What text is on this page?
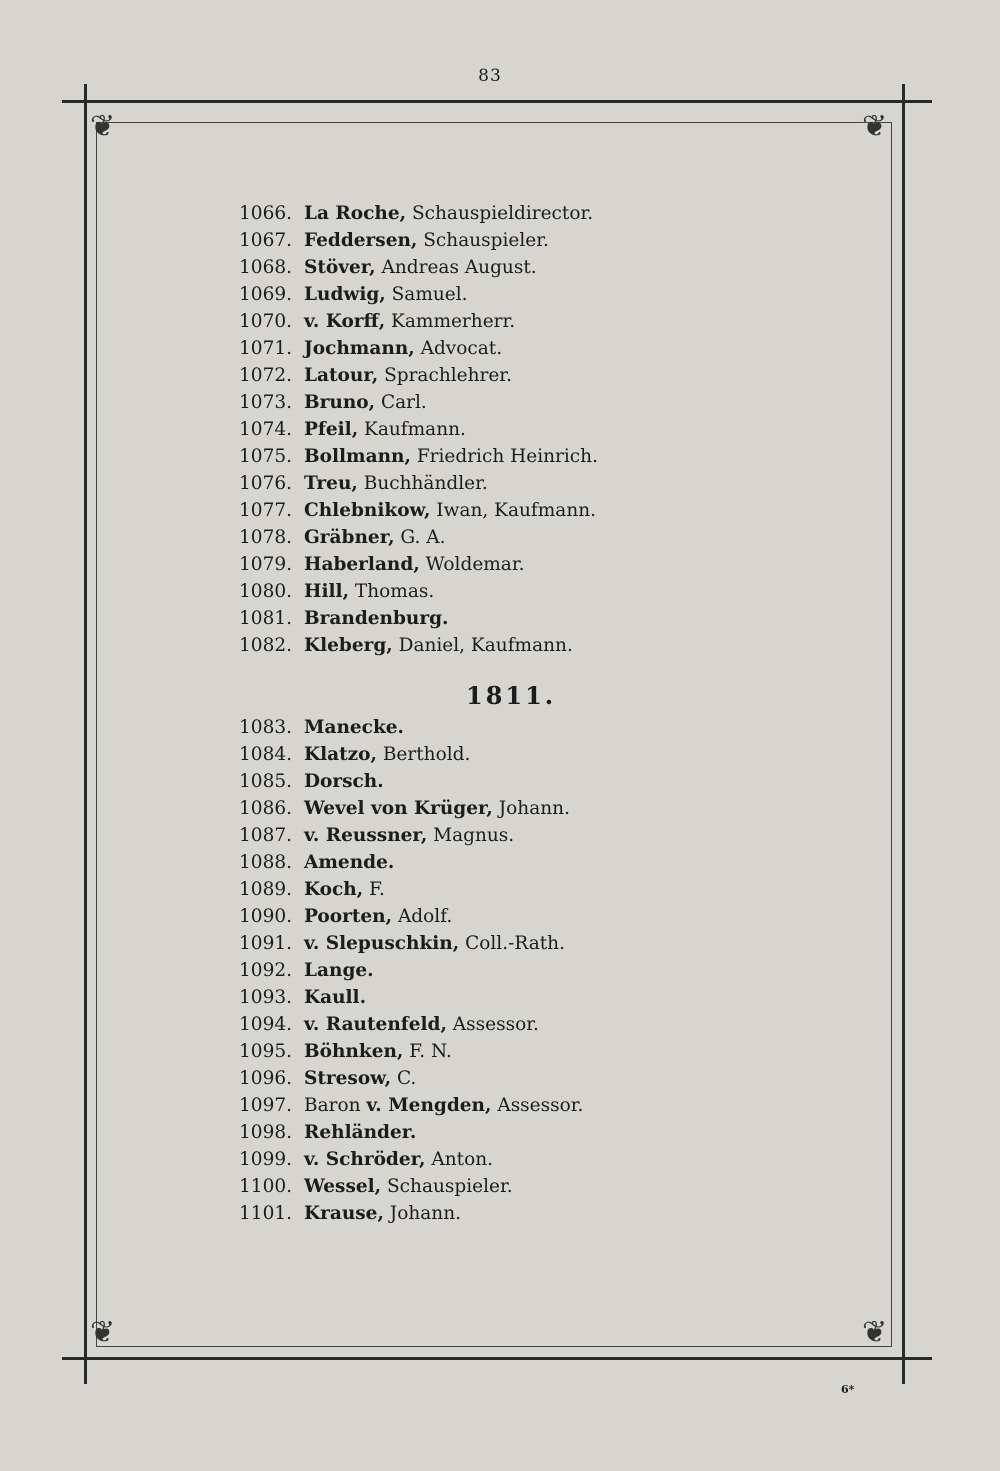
83
❦	❦
❦	❦
1066. La Roche, Schauspieldirector.
1067. Feddersen, Schauspieler.
1068. Stöver, Andreas August.
1069. Ludwig, Samuel.
1070. v. Korff, Kammerherr.
1071. Jochmann, Advocat.
1072. Latour, Sprachlehrer.
1073. Bruno, Carl.
1074. Pfeil, Kaufmann.
1075. Bollmann, Friedrich Heinrich.
1076. Treu, Buchhändler.
1077. Chlebnikow, Iwan, Kaufmann.
1078. Gräbner, G. A.
1079. Haberland, Woldemar.
1080. Hill, Thomas.
1081. Brandenburg.
1082. Kleberg, Daniel, Kaufmann.
1811.
1083. Manecke.
1084. Klatzo, Berthold.
1085. Dorsch.
1086. Wevel von Krüger, Johann.
1087. v. Reussner, Magnus.
1088. Amende.
1089. Koch, F.
1090. Poorten, Adolf.
1091. v. Slepuschkin, Coll.-Rath.
1092. Lange.
1093. Kaull.
1094. v. Rautenfeld, Assessor.
1095. Böhnken, F. N.
1096. Stresow, C.
1097. Baron v. Mengden, Assessor.
1098. Rehländer.
1099. v. Schröder, Anton.
1100. Wessel, Schauspieler.
1101. Krause, Johann.
6*
